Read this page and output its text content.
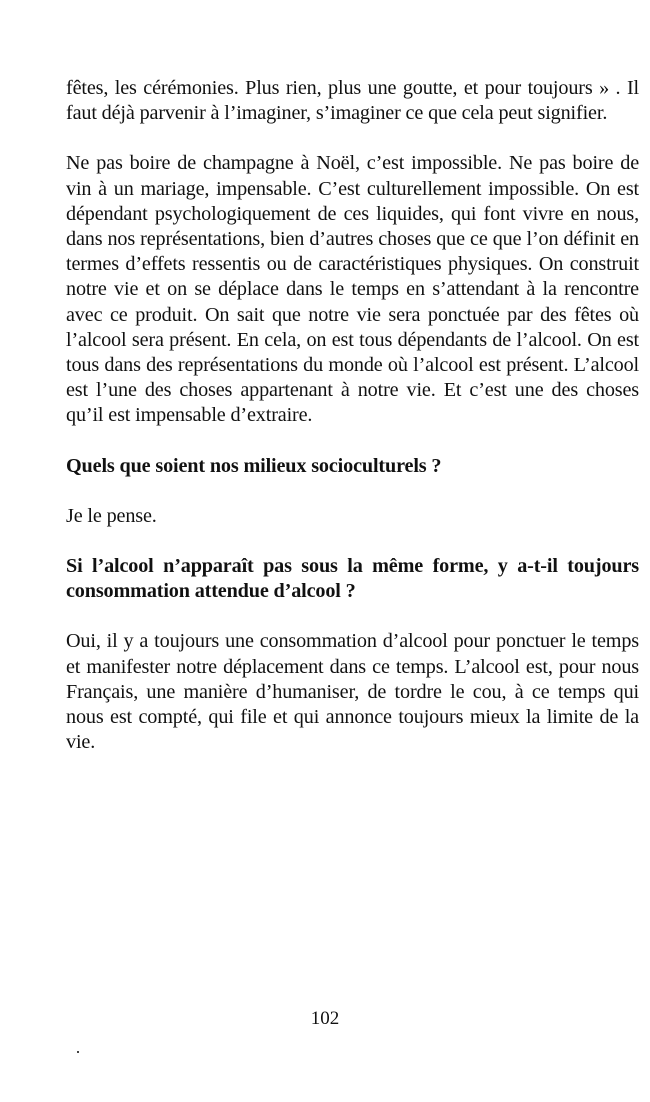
fêtes, les cérémonies. Plus rien, plus une goutte, et pour toujours » . Il faut déjà parvenir à l’imaginer, s’imaginer ce que cela peut signifier.

Ne pas boire de champagne à Noël, c’est impossible. Ne pas boire de vin à un mariage, impensable. C’est culturellement impossible. On est dépendant psychologiquement de ces liquides, qui font vivre en nous, dans nos représentations, bien d’autres choses que ce que l’on définit en termes d’effets ressentis ou de caractéristiques physiques. On construit notre vie et on se déplace dans le temps en s’attendant à la rencontre avec ce produit. On sait que notre vie sera ponctuée par des fêtes où l’alcool sera présent. En cela, on est tous dépendants de l’alcool. On est tous dans des représentations du monde où l’alcool est présent. L’alcool est l’une des choses appartenant à notre vie. Et c’est une des choses qu’il est impensable d’extraire.

Quels que soient nos milieux socioculturels ?

Je le pense.

Si l’alcool n’apparaît pas sous la même forme, y a-t-il toujours consommation attendue d’alcool ?

Oui, il y a toujours une consommation d’alcool pour ponctuer le temps et manifester notre déplacement dans ce temps. L’alcool est, pour nous Français, une manière d’humaniser, de tordre le cou, à ce temps qui nous est compté, qui file et qui annonce toujours mieux la limite de la vie.

102
